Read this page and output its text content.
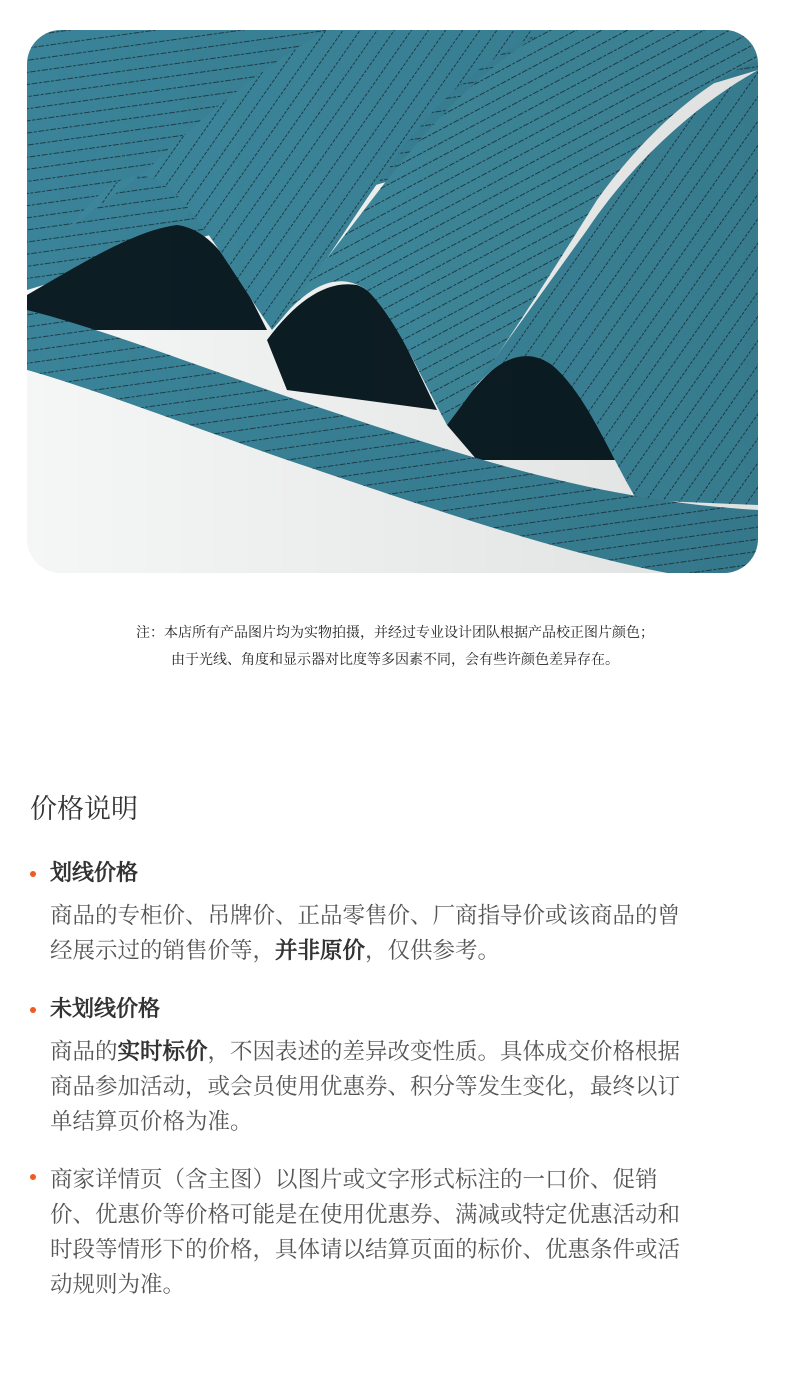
注：本店所有产品图片均为实物拍摄，并经过专业设计团队根据产品校正图片颜色；
由于光线、角度和显示器对比度等多因素不同，会有些许颜色差异存在。
价格说明
划线价格
商品的专柜价、吊牌价、正品零售价、厂商指导价或该商品的曾
经展示过的销售价等，并非原价，仅供参考。
未划线价格
商品的实时标价，不因表述的差异改变性质。具体成交价格根据
商品参加活动，或会员使用优惠券、积分等发生变化，最终以订
单结算页价格为准。
商家详情页（含主图）以图片或文字形式标注的一口价、促销
价、优惠价等价格可能是在使用优惠券、满减或特定优惠活动和
时段等情形下的价格，具体请以结算页面的标价、优惠条件或活
动规则为准。
